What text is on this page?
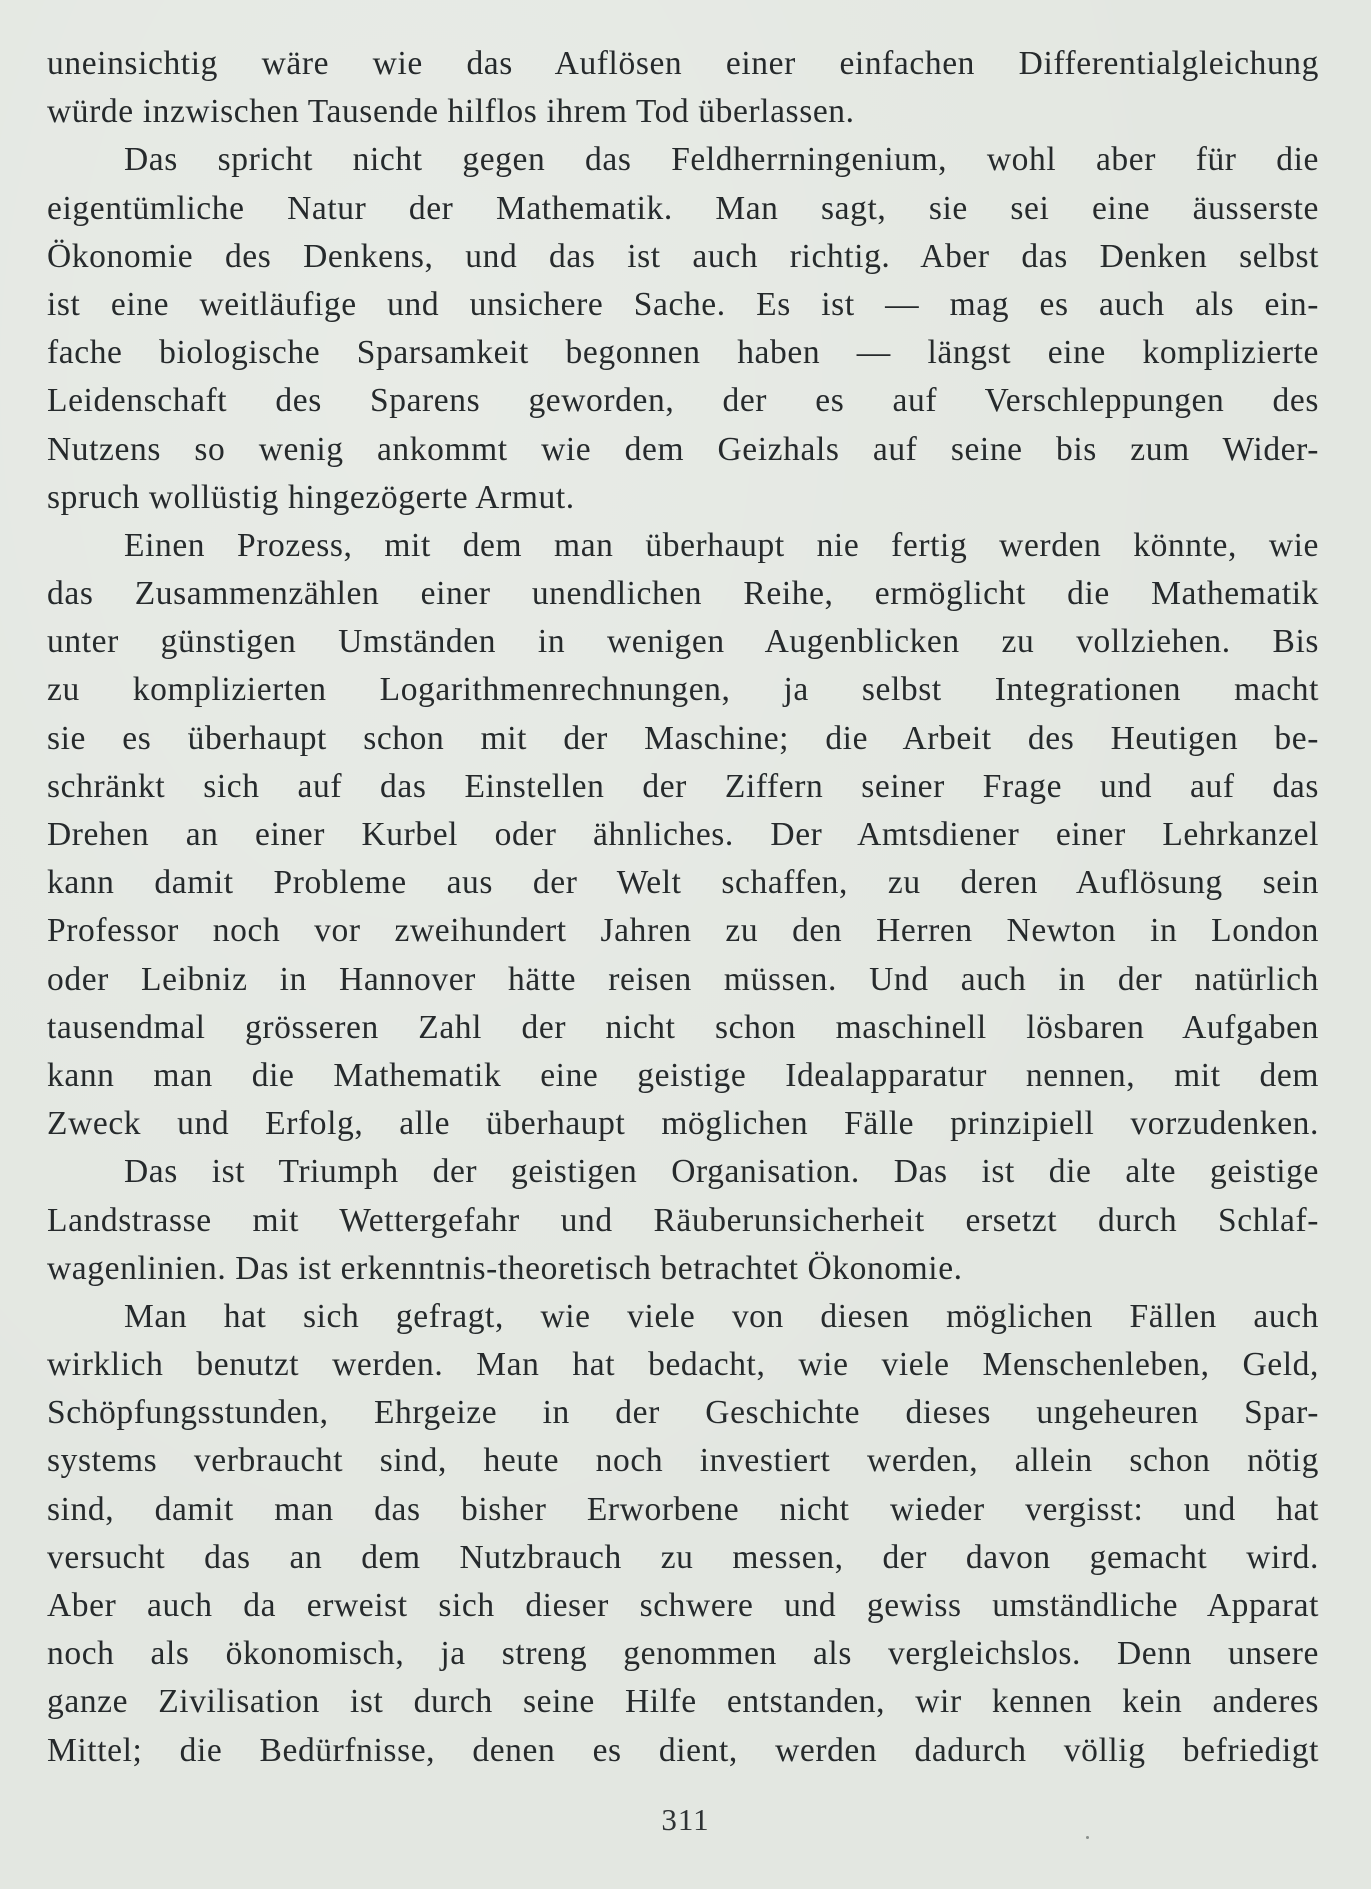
uneinsichtig wäre wie das Auflösen einer einfachen Differentialgleichung
würde inzwischen Tausende hilflos ihrem Tod überlassen.
Das spricht nicht gegen das Feldherrningenium, wohl aber für die
eigentümliche Natur der Mathematik. Man sagt, sie sei eine äusserste
Ökonomie des Denkens, und das ist auch richtig. Aber das Denken selbst
ist eine weitläufige und unsichere Sache. Es ist — mag es auch als ein-
fache biologische Sparsamkeit begonnen haben — längst eine komplizierte
Leidenschaft des Sparens geworden, der es auf Verschleppungen des
Nutzens so wenig ankommt wie dem Geizhals auf seine bis zum Wider-
spruch wollüstig hingezögerte Armut.
Einen Prozess, mit dem man überhaupt nie fertig werden könnte, wie
das Zusammenzählen einer unendlichen Reihe, ermöglicht die Mathematik
unter günstigen Umständen in wenigen Augenblicken zu vollziehen. Bis
zu komplizierten Logarithmenrechnungen, ja selbst Integrationen macht
sie es überhaupt schon mit der Maschine; die Arbeit des Heutigen be-
schränkt sich auf das Einstellen der Ziffern seiner Frage und auf das
Drehen an einer Kurbel oder ähnliches. Der Amtsdiener einer Lehrkanzel
kann damit Probleme aus der Welt schaffen, zu deren Auflösung sein
Professor noch vor zweihundert Jahren zu den Herren Newton in London
oder Leibniz in Hannover hätte reisen müssen. Und auch in der natürlich
tausendmal grösseren Zahl der nicht schon maschinell lösbaren Aufgaben
kann man die Mathematik eine geistige Idealapparatur nennen, mit dem
Zweck und Erfolg, alle überhaupt möglichen Fälle prinzipiell vorzudenken.
Das ist Triumph der geistigen Organisation. Das ist die alte geistige
Landstrasse mit Wettergefahr und Räuberunsicherheit ersetzt durch Schlaf-
wagenlinien. Das ist erkenntnis-theoretisch betrachtet Ökonomie.
Man hat sich gefragt, wie viele von diesen möglichen Fällen auch
wirklich benutzt werden. Man hat bedacht, wie viele Menschenleben, Geld,
Schöpfungsstunden, Ehrgeize in der Geschichte dieses ungeheuren Spar-
systems verbraucht sind, heute noch investiert werden, allein schon nötig
sind, damit man das bisher Erworbene nicht wieder vergisst: und hat
versucht das an dem Nutzbrauch zu messen, der davon gemacht wird.
Aber auch da erweist sich dieser schwere und gewiss umständliche Apparat
noch als ökonomisch, ja streng genommen als vergleichslos. Denn unsere
ganze Zivilisation ist durch seine Hilfe entstanden, wir kennen kein anderes
Mittel; die Bedürfnisse, denen es dient, werden dadurch völlig befriedigt
311
